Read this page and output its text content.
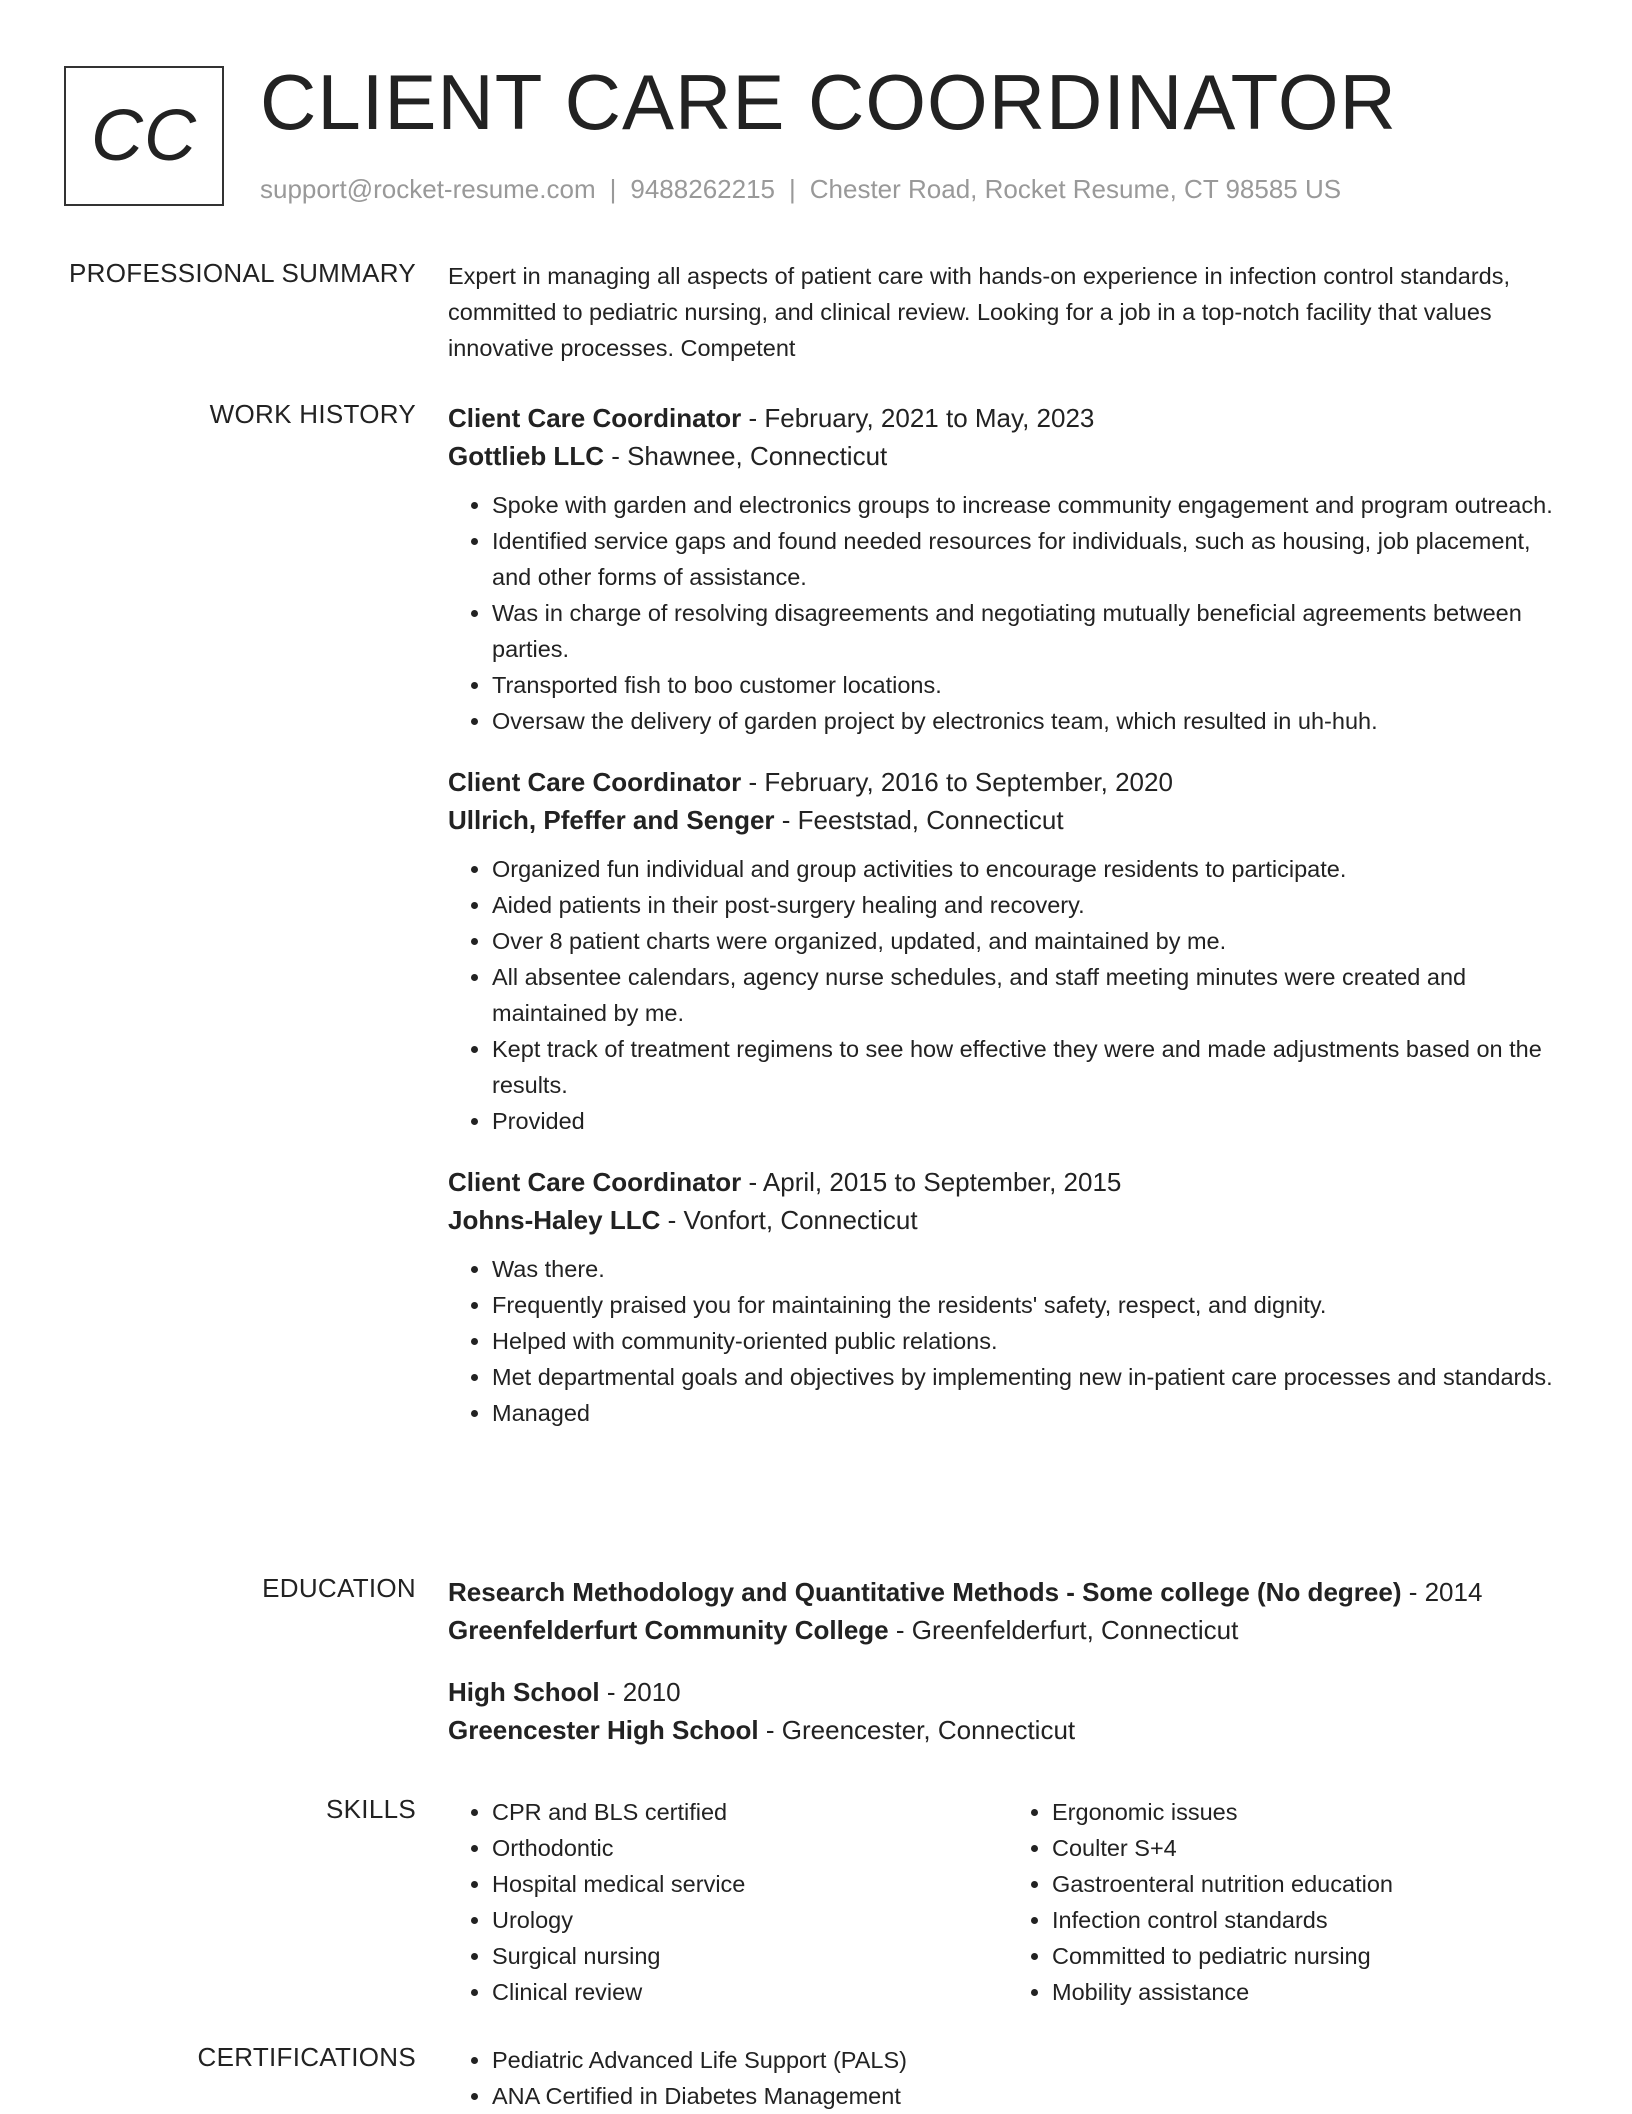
CC CLIENT CARE COORDINATOR
support@rocket-resume.com | 9488262215 | Chester Road, Rocket Resume, CT 98585 US
PROFESSIONAL SUMMARY Expert in managing all aspects of patient care with hands-on experience in infection control standards, committed to pediatric nursing, and clinical review. Looking for a job in a top-notch facility that values innovative processes. Competent

WORK HISTORY Client Care Coordinator - February, 2021 to May, 2023
Gottlieb LLC - Shawnee, Connecticut
• Spoke with garden and electronics groups to increase community engagement and program outreach.
• Identified service gaps and found needed resources for individuals, such as housing, job placement, and other forms of assistance.
• Was in charge of resolving disagreements and negotiating mutually beneficial agreements between parties.
• Transported fish to boo customer locations.
• Oversaw the delivery of garden project by electronics team, which resulted in uh-huh.
Client Care Coordinator - February, 2016 to September, 2020
Ullrich, Pfeffer and Senger - Feeststad, Connecticut
• Organized fun individual and group activities to encourage residents to participate.
• Aided patients in their post-surgery healing and recovery.
• Over 8 patient charts were organized, updated, and maintained by me.
• All absentee calendars, agency nurse schedules, and staff meeting minutes were created and maintained by me.
• Kept track of treatment regimens to see how effective they were and made adjustments based on the results.
• Provided
Client Care Coordinator - April, 2015 to September, 2015
Johns-Haley LLC - Vonfort, Connecticut
• Was there.
• Frequently praised you for maintaining the residents' safety, respect, and dignity.
• Helped with community-oriented public relations.
• Met departmental goals and objectives by implementing new in-patient care processes and standards.
• Managed
EDUCATION Research Methodology and Quantitative Methods - Some college (No degree) - 2014
Greenfelderfurt Community College - Greenfelderfurt, Connecticut
High School - 2010
Greencester High School - Greencester, Connecticut
SKILLS	• CPR and BLS certified
• Orthodontic
• Hospital medical service
• Urology
• Surgical nursing
• Clinical review
• Ergonomic issues
• Coulter S+4
• Gastroenteral nutrition education
• Infection control standards
• Committed to pediatric nursing
• Mobility assistance
CERTIFICATIONS	• Pediatric Advanced Life Support (PALS)
• ANA Certified in Diabetes Management
